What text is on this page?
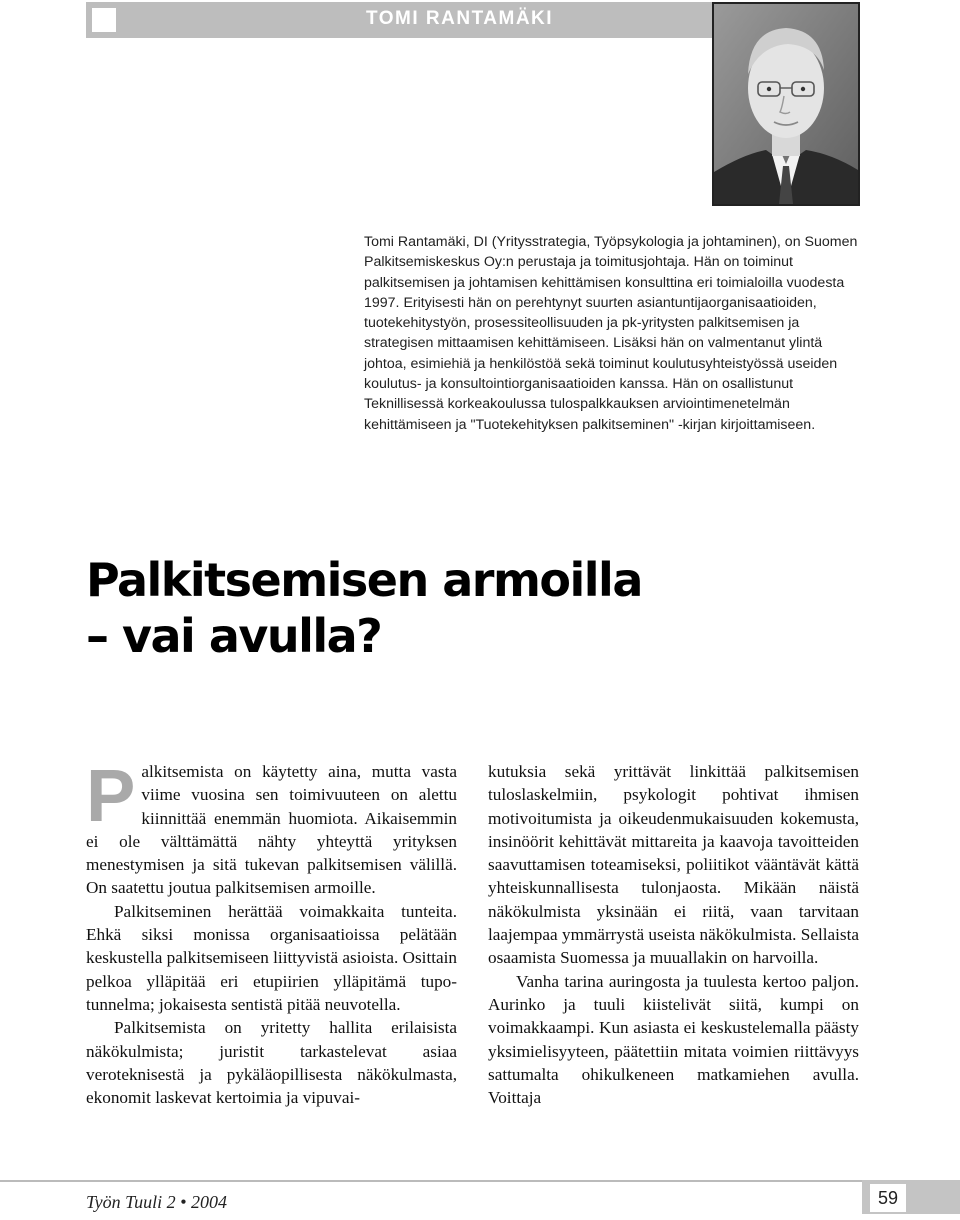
TOMI RANTAMÄKI

Tomi Rantamäki, DI (Yritysstrategia, Työpsykologia ja johtaminen), on Suomen Palkitsemiskeskus Oy:n perustaja ja toimitusjohtaja. Hän on toiminut palkitsemisen ja johtamisen kehittämisen konsulttina eri toimialoilla vuodesta 1997. Erityisesti hän on perehtynyt suurten asiantuntijaorganisaatioiden, tuotekehitystyön, prosessiteollisuuden ja pk-yritysten palkitsemisen ja strategisen mittaamisen kehittämiseen. Lisäksi hän on valmentanut ylintä johtoa, esimiehiä ja henkilöstöä sekä toiminut koulutusyhteistyössä useiden koulutus- ja konsultointiorganisaatioiden kanssa. Hän on osallistunut Teknillisessä korkeakoulussa tulospalkkauksen arviointimenetelmän kehittämiseen ja "Tuotekehityksen palkitseminen" -kirjan kirjoittamiseen.

Palkitsemisen armoilla
– vai avulla?

Palkitsemista on käytetty aina, mutta vasta viime vuosina sen toimivuuteen on alettu kiinnittää enemmän huomiota. Aikaisemmin ei ole välttämättä nähty yhteyttä yrityksen menestymisen ja sitä tukevan palkitsemisen välillä. On saatettu joutua palkitsemisen armoille.

Palkitseminen herättää voimakkaita tunteita. Ehkä siksi monissa organisaatioissa pelätään keskustella palkitsemiseen liittyvistä asioista. Osittain pelkoa ylläpitää eri etupiirien ylläpitämä tupo-tunnelma; jokaisesta sentistä pitää neuvotella.

Palkitsemista on yritetty hallita erilaisista näkökulmista; juristit tarkastelevat asiaa veroteknisestä ja pykäläopillisesta näkökulmasta, ekonomit laskevat kertoimia ja vipuvai-

kutuksia sekä yrittävät linkittää palkitsemisen tuloslaskelmiin, psykologit pohtivat ihmisen motivoitumista ja oikeudenmukaisuuden kokemusta, insinöörit kehittävät mittareita ja kaavoja tavoitteiden saavuttamisen toteamiseksi, poliitikot vääntävät kättä yhteiskunnallisesta tulonjaosta. Mikään näistä näkökulmista yksinään ei riitä, vaan tarvitaan laajempaa ymmärrystä useista näkökulmista. Sellaista osaamista Suomessa ja muuallakin on harvoilla.

Vanha tarina auringosta ja tuulesta kertoo paljon. Aurinko ja tuuli kiistelivät siitä, kumpi on voimakkaampi. Kun asiasta ei keskustelemalla päästy yksimielisyyteen, päätettiin mitata voimien riittävyys sattumalta ohikulkeneen matkamiehen avulla. Voittaja

Työn Tuuli 2 • 2004	59
